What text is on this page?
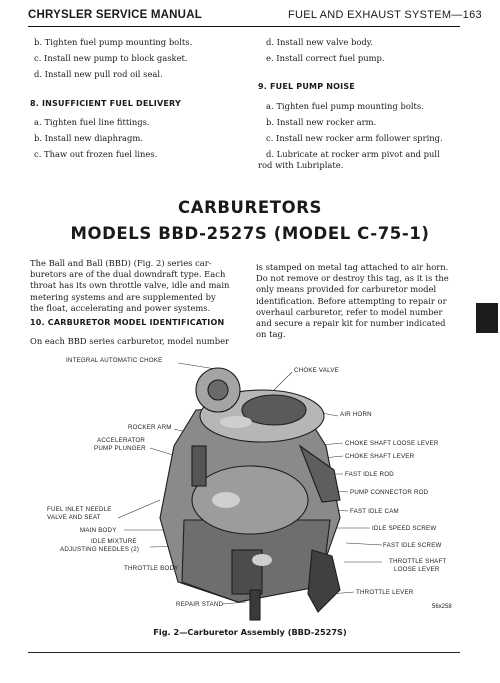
CHRYSLER SERVICE MANUAL	FUEL AND EXHAUST SYSTEM—163
b. Tighten fuel pump mounting bolts.
c. Install new pump to block gasket.
d. Install new pull rod oil seal.
8. INSUFFICIENT FUEL DELIVERY
a. Tighten fuel line fittings.
b. Install new diaphragm.
c. Thaw out frozen fuel lines.
d. Install new valve body.
e. Install correct fuel pump.
9. FUEL PUMP NOISE
a. Tighten fuel pump mounting bolts.
b. Install new rocker arm.
c. Install new rocker arm follower spring.
d. Lubricate at rocker arm pivot and pull
rod with Lubriplate.
CARBURETORS
MODELS BBD-2527S (MODEL C-75-1)
The Ball and Ball (BBD) (Fig. 2) series car-
buretors are of the dual downdraft type. Each
throat has its own throttle valve, idle and main
metering systems and are supplemented by
the float, accelerating and power systems.
10. CARBURETOR MODEL IDENTIFICATION
On each BBD series carburetor, model number
is stamped on metal tag attached to air horn.
Do not remove or destroy this tag, as it is the
only means provided for carburetor model
identification. Before attempting to repair or
overhaul carburetor, refer to model number
and secure a repair kit for number indicated
on tag.
INTEGRAL AUTOMATIC CHOKE
CHOKE VALVE
AIR HORN
ROCKER ARM
ACCELERATOR
PUMP PLUNGER
CHOKE SHAFT LOOSE LEVER
CHOKE SHAFT LEVER
FAST IDLE ROD
PUMP CONNECTOR ROD
FUEL INLET NEEDLE
VALVE AND SEAT
FAST IDLE CAM
MAIN BODY	IDLE SPEED SCREW
IDLE MIXTURE
ADJUSTING NEEDLES (2)
FAST IDLE SCREW
THROTTLE BODY
THROTTLE SHAFT
LOOSE LEVER
THROTTLE LEVER
REPAIR STAND	56x258
Fig. 2—Carburetor Assembly (BBD-2527S)
